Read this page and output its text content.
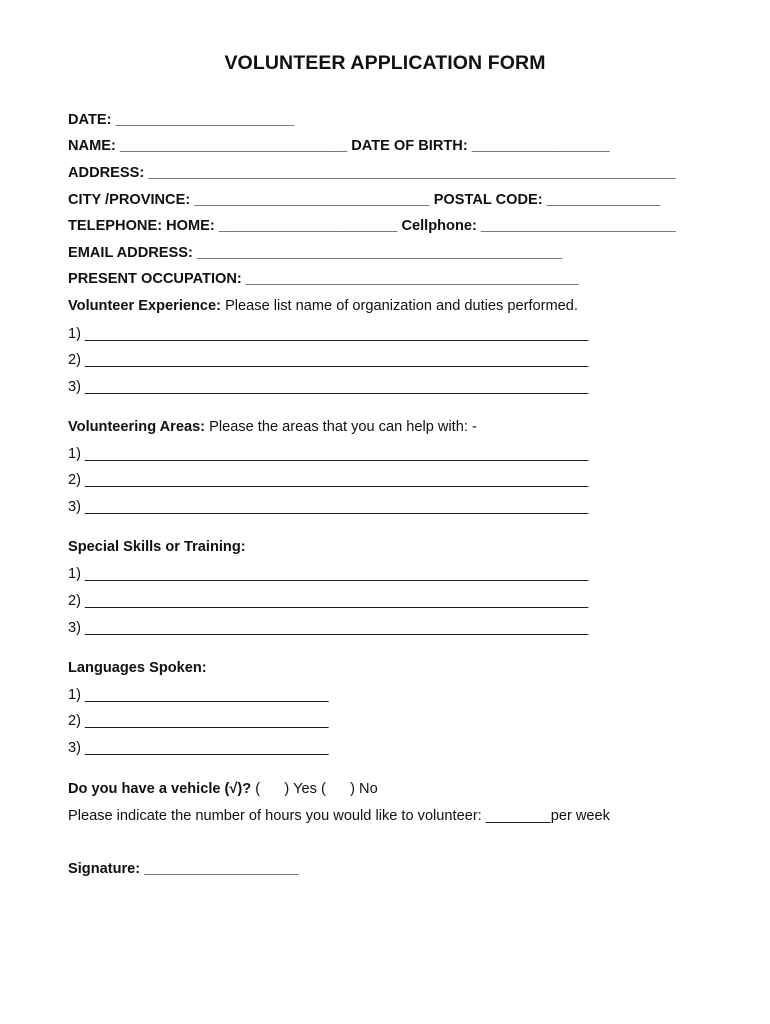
VOLUNTEER APPLICATION FORM
DATE: ______________________
NAME: ____________________________ DATE OF BIRTH: _________________
ADDRESS: _________________________________________________________________
CITY /PROVINCE: _____________________________ POSTAL CODE: ______________
TELEPHONE: HOME: ______________________ Cellphone: ________________________
EMAIL ADDRESS: _____________________________________________
PRESENT OCCUPATION: _________________________________________
Volunteer Experience: Please list name of organization and duties performed.
1) ______________________________________________________________
2) ______________________________________________________________
3) ______________________________________________________________
Volunteering Areas: Please the areas that you can help with: -
1) ______________________________________________________________
2) ______________________________________________________________
3) ______________________________________________________________
Special Skills or Training:
1) ______________________________________________________________
2) ______________________________________________________________
3) ______________________________________________________________
Languages Spoken:
1) ______________________________
2) ______________________________
3) ______________________________
Do you have a vehicle (√)? (      ) Yes (      ) No
Please indicate the number of hours you would like to volunteer: ________per week
Signature: ___________________
